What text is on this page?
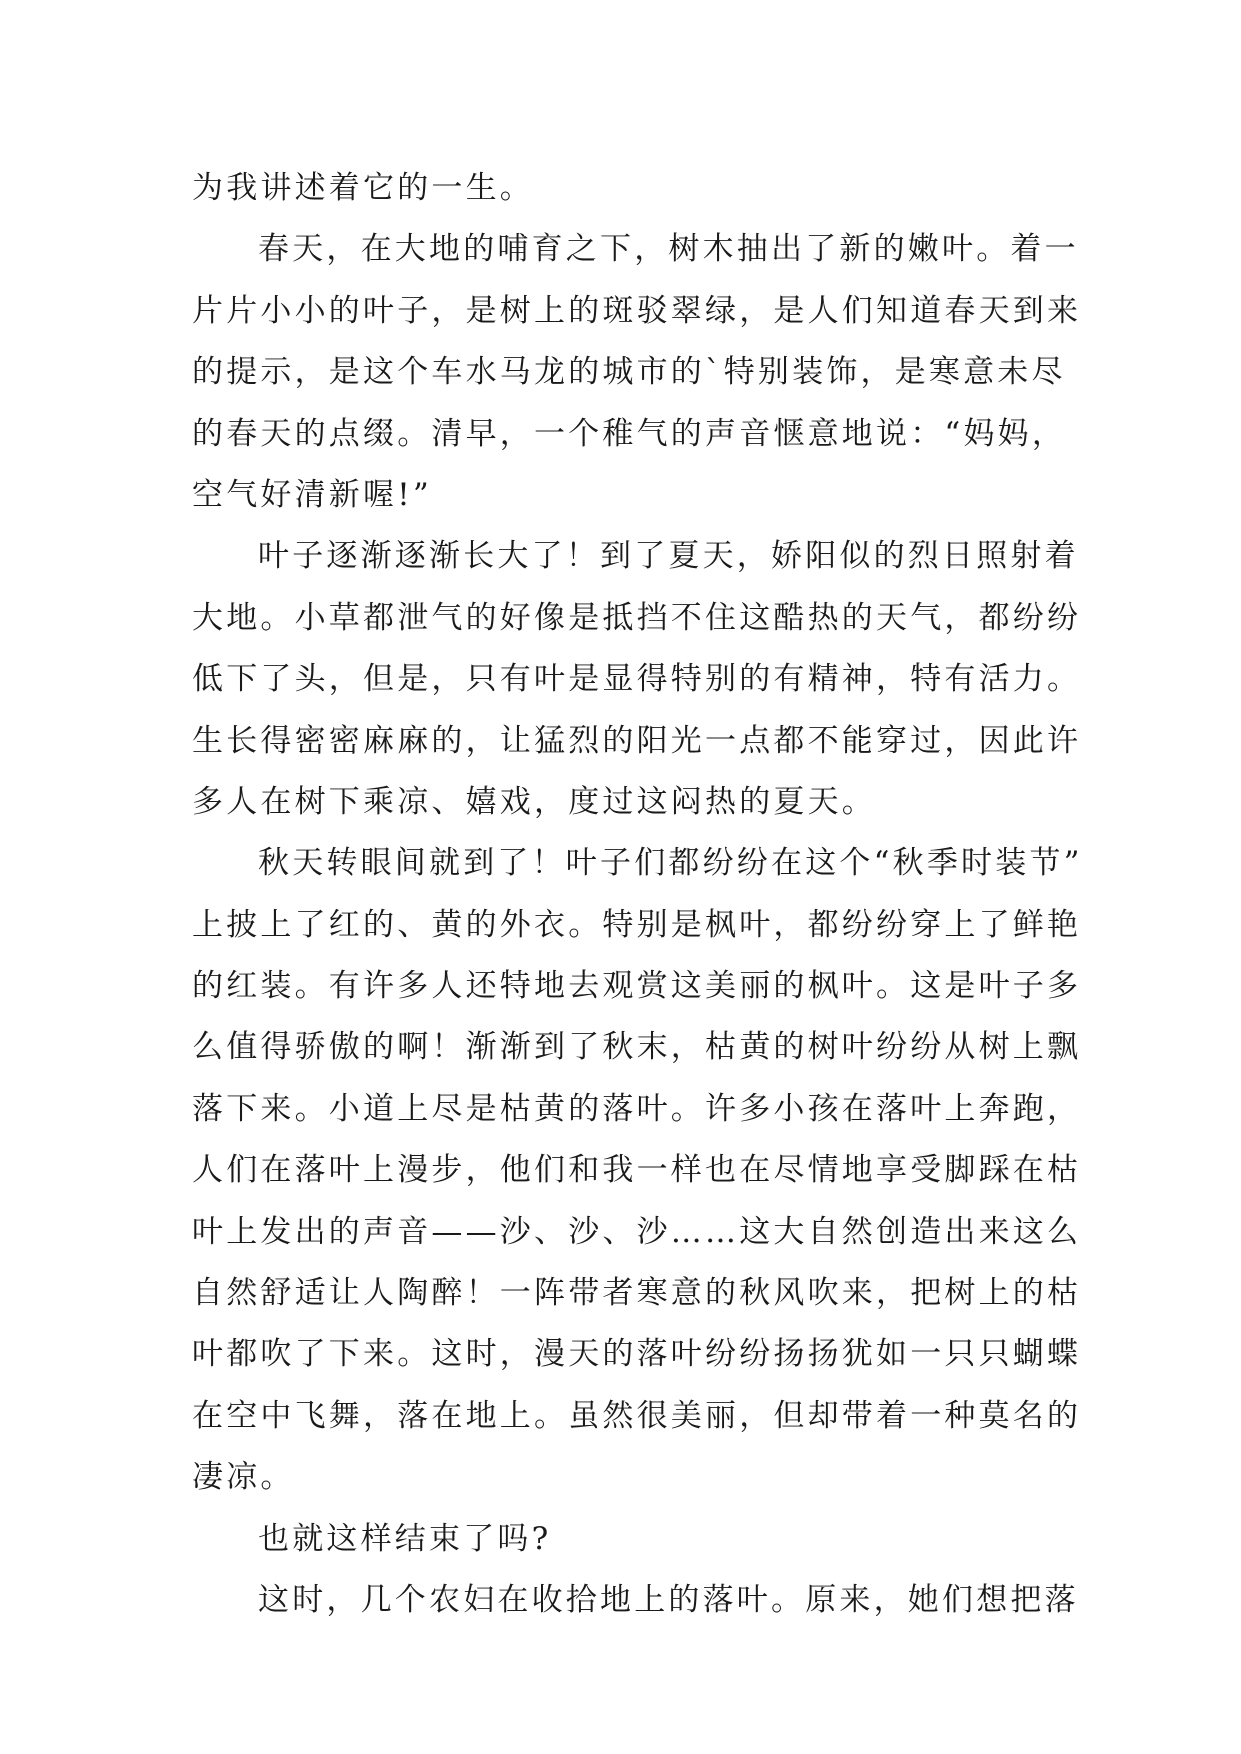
为我讲述着它的一生。
春天，在大地的哺育之下，树木抽出了新的嫩叶。着一
片片小小的叶子，是树上的斑驳翠绿，是人们知道春天到来
的提示，是这个车水马龙的城市的`特别装饰，是寒意未尽
的春天的点缀。清早，一个稚气的声音惬意地说：“妈妈，
空气好清新喔!”
叶子逐渐逐渐长大了！到了夏天，娇阳似的烈日照射着
大地。小草都泄气的好像是抵挡不住这酷热的天气，都纷纷
低下了头，但是，只有叶是显得特别的有精神，特有活力。
生长得密密麻麻的，让猛烈的阳光一点都不能穿过，因此许
多人在树下乘凉、嬉戏，度过这闷热的夏天。
秋天转眼间就到了！叶子们都纷纷在这个“秋季时装节”
上披上了红的、黄的外衣。特别是枫叶，都纷纷穿上了鲜艳
的红装。有许多人还特地去观赏这美丽的枫叶。这是叶子多
么值得骄傲的啊！渐渐到了秋末，枯黄的树叶纷纷从树上飘
落下来。小道上尽是枯黄的落叶。许多小孩在落叶上奔跑，
人们在落叶上漫步，他们和我一样也在尽情地享受脚踩在枯
叶上发出的声音——沙、沙、沙……这大自然创造出来这么
自然舒适让人陶醉！一阵带者寒意的秋风吹来，把树上的枯
叶都吹了下来。这时，漫天的落叶纷纷扬扬犹如一只只蝴蝶
在空中飞舞，落在地上。虽然很美丽，但却带着一种莫名的
凄凉。
也就这样结束了吗?
这时，几个农妇在收拾地上的落叶。原来，她们想把落
